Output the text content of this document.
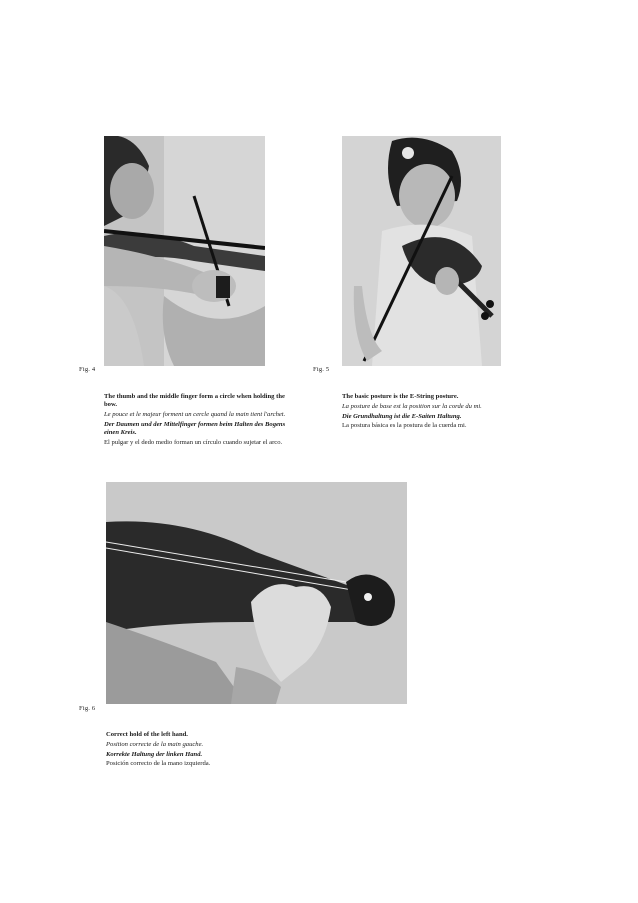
Fig. 4

The thumb and the middle finger form a circle when holding the bow.

Le pouce et le majeur forment un cercle quand la main tient l'archet.

Der Daumen und der Mittelfinger formen beim Halten des Bogens einen Kreis.

El pulgar y el dedo medio forman un círculo cuando sujetar el arco.

Fig. 5

The basic posture is the E-String posture.

La posture de base est la position sur la corde du mi.

Die Grundhaltung ist die E-Saiten Haltung.

La postura básica es la postura de la cuerda mi.

Fig. 6

Correct hold of the left hand.

Position correcte de la main gauche.

Korrekte Haltung der linken Hand.

Posición correcto de la mano izquierda.
